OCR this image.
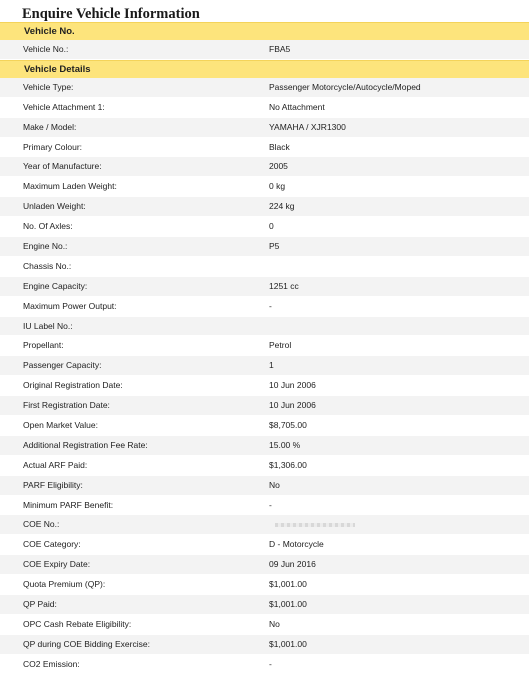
Enquire Vehicle Information
Vehicle No.
Vehicle No.:	FBA5
Vehicle Details
Vehicle Type:	Passenger Motorcycle/Autocycle/Moped
Vehicle Attachment 1:	No Attachment
Make / Model:	YAMAHA / XJR1300
Primary Colour:	Black
Year of Manufacture:	2005
Maximum Laden Weight:	0 kg
Unladen Weight:	224 kg
No. Of Axles:	0
Engine No.:	P5
Chassis No.:
Engine Capacity:	1251 cc
Maximum Power Output:	-
IU Label No.:
Propellant:	Petrol
Passenger Capacity:	1
Original Registration Date:	10 Jun 2006
First Registration Date:	10 Jun 2006
Open Market Value:	$8,705.00
Additional Registration Fee Rate:	15.00 %
Actual ARF Paid:	$1,306.00
PARF Eligibility:	No
Minimum PARF Benefit:	-
COE No.:
COE Category:	D - Motorcycle
COE Expiry Date:	09 Jun 2016
Quota Premium (QP):	$1,001.00
QP Paid:	$1,001.00
OPC Cash Rebate Eligibility:	No
QP during COE Bidding Exercise:	$1,001.00
CO2 Emission:	-
